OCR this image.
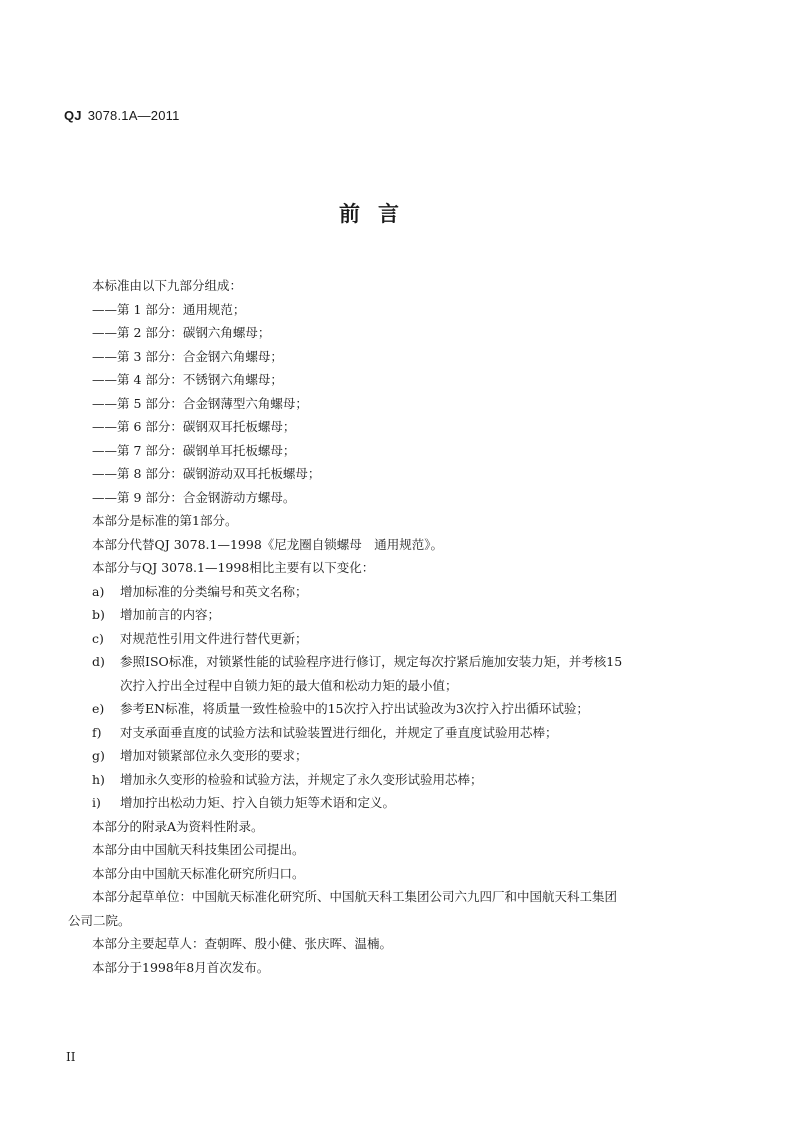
QJ 3078.1A—2011
前言
本标准由以下九部分组成：
——第 1 部分：通用规范；
——第 2 部分：碳钢六角螺母；
——第 3 部分：合金钢六角螺母；
——第 4 部分：不锈钢六角螺母；
——第 5 部分：合金钢薄型六角螺母；
——第 6 部分：碳钢双耳托板螺母；
——第 7 部分：碳钢单耳托板螺母；
——第 8 部分：碳钢游动双耳托板螺母；
——第 9 部分：合金钢游动方螺母。
本部分是标准的第1部分。
本部分代替QJ 3078.1—1998《尼龙圈自锁螺母　通用规范》。
本部分与QJ 3078.1—1998相比主要有以下变化：
a) 增加标准的分类编号和英文名称；
b) 增加前言的内容；
c) 对规范性引用文件进行替代更新；
d) 参照ISO标准，对锁紧性能的试验程序进行修订，规定每次拧紧后施加安装力矩，并考核15
次拧入拧出全过程中自锁力矩的最大值和松动力矩的最小值；
e) 参考EN标准，将质量一致性检验中的15次拧入拧出试验改为3次拧入拧出循环试验；
f) 对支承面垂直度的试验方法和试验装置进行细化，并规定了垂直度试验用芯棒；
g) 增加对锁紧部位永久变形的要求；
h) 增加永久变形的检验和试验方法，并规定了永久变形试验用芯棒；
i) 增加拧出松动力矩、拧入自锁力矩等术语和定义。
本部分的附录A为资料性附录。
本部分由中国航天科技集团公司提出。
本部分由中国航天标准化研究所归口。
本部分起草单位：中国航天标准化研究所、中国航天科工集团公司六九四厂和中国航天科工集团
公司二院。
本部分主要起草人：查朝晖、殷小健、张庆晖、温楠。
本部分于1998年8月首次发布。
II
